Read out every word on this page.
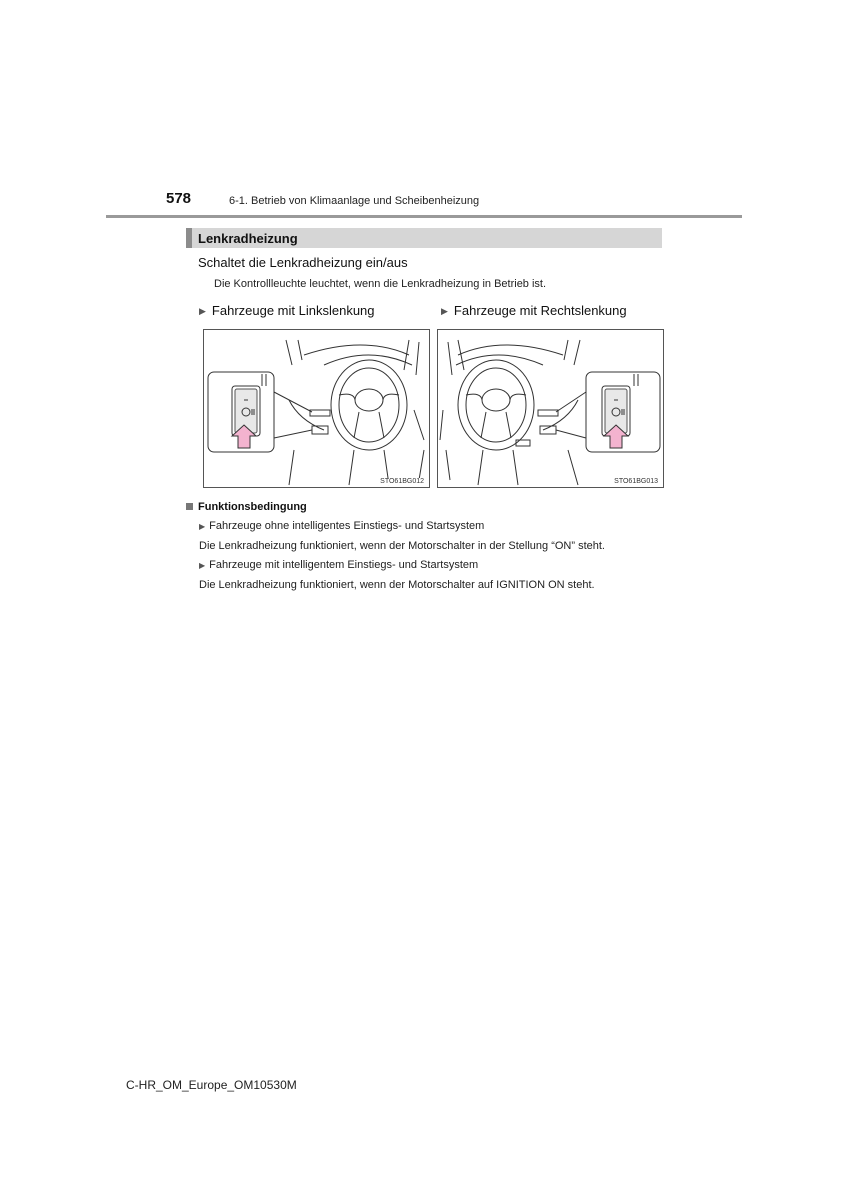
578	6-1. Betrieb von Klimaanlage und Scheibenheizung
Lenkradheizung
Schaltet die Lenkradheizung ein/aus
Die Kontrollleuchte leuchtet, wenn die Lenkradheizung in Betrieb ist.
▶ Fahrzeuge mit Linkslenkung	▶ Fahrzeuge mit Rechtslenkung
STO61BG012	STO61BG013
Funktionsbedingung
▶ Fahrzeuge ohne intelligentes Einstiegs- und Startsystem
Die Lenkradheizung funktioniert, wenn der Motorschalter in der Stellung “ON” steht.
▶ Fahrzeuge mit intelligentem Einstiegs- und Startsystem
Die Lenkradheizung funktioniert, wenn der Motorschalter auf IGNITION ON steht.
C-HR_OM_Europe_OM10530M
